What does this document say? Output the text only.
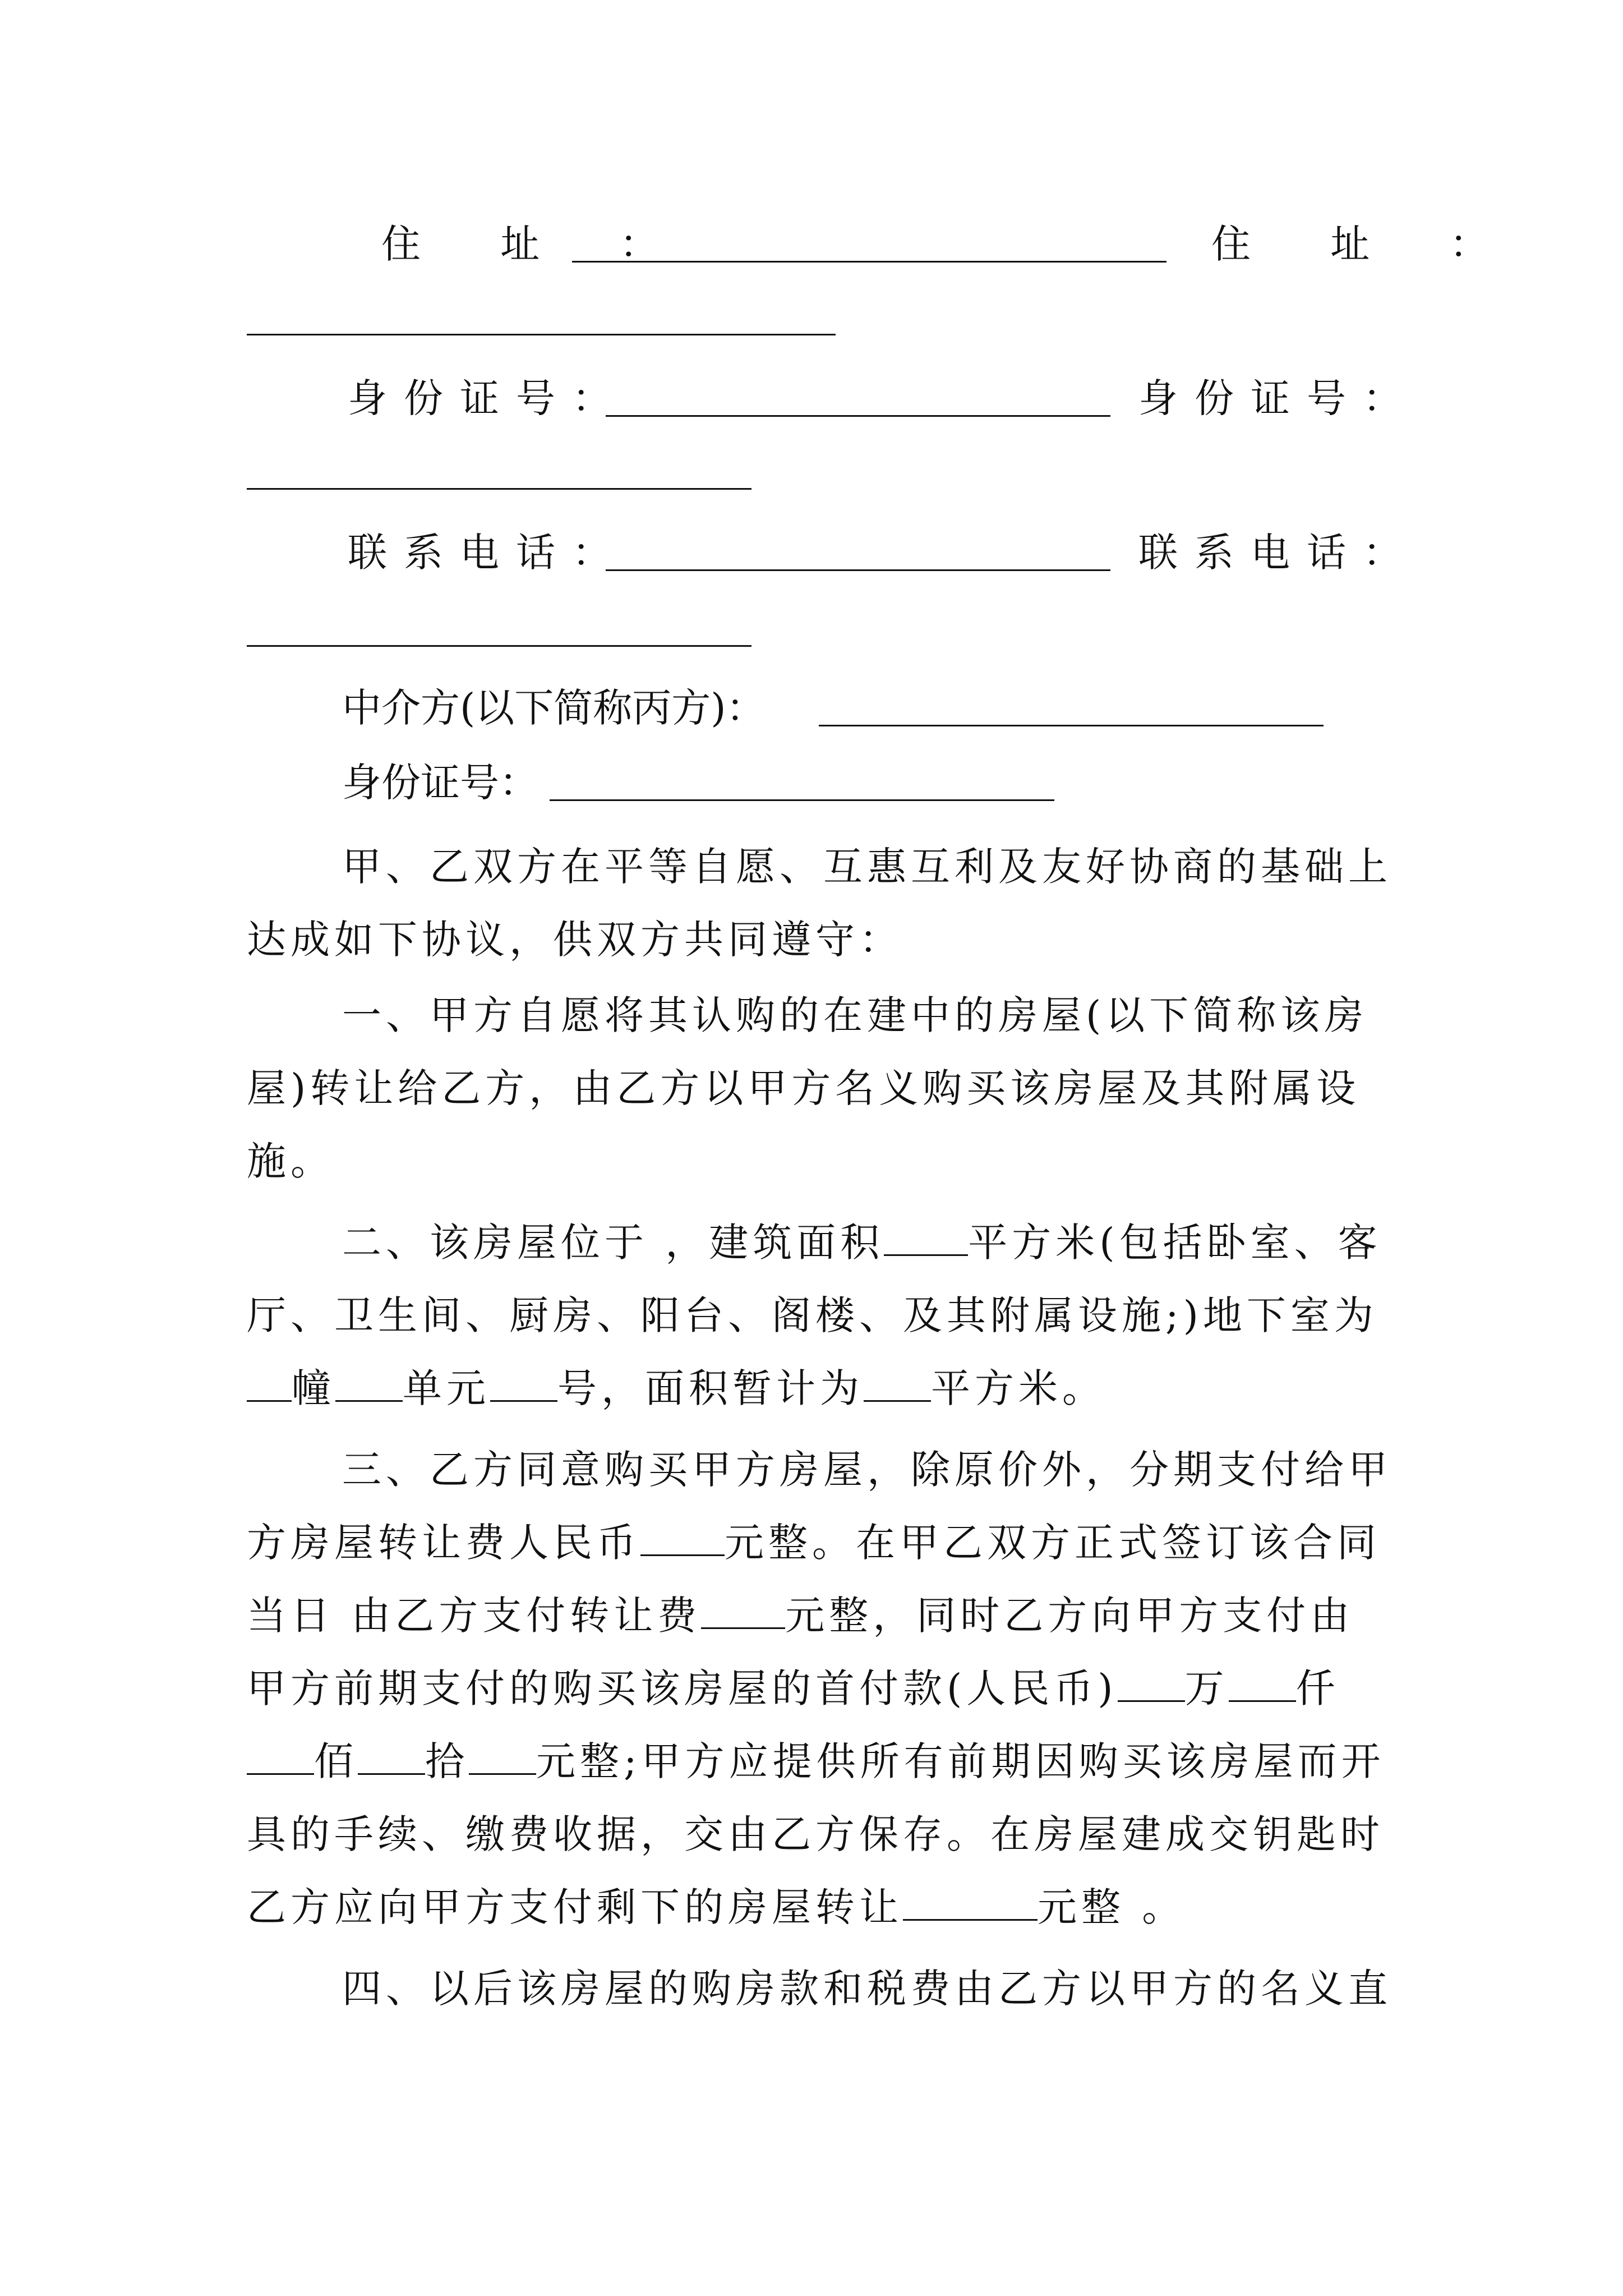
住 址 ：	住 址 ：
身份证号：	身份证号：
联系电话：	联系电话：
中介方(以下简称丙方)：
身份证号：
甲、乙双方在平等自愿、互惠互利及友好协商的基础上
达成如下协议，供双方共同遵守：
一、甲方自愿将其认购的在建中的房屋(以下简称该房
屋)转让给乙方，由乙方以甲方名义购买该房屋及其附属设
施。
二、该房屋位于 ，建筑面积 平方米(包括卧室、客
厅、卫生间、厨房、阳台、阁楼、及其附属设施;)地下室为
幢 单元 号，面积暂计为 平方米。
三、乙方同意购买甲方房屋，除原价外，分期支付给甲
方房屋转让费人民币 元整。在甲乙双方正式签订该合同
当日 由乙方支付转让费 元整，同时乙方向甲方支付由
甲方前期支付的购买该房屋的首付款(人民币) 万 仟
佰 拾 元整;甲方应提供所有前期因购买该房屋而开
具的手续、缴费收据，交由乙方保存。在房屋建成交钥匙时
乙方应向甲方支付剩下的房屋转让	元整 。
四、以后该房屋的购房款和税费由乙方以甲方的名义直
